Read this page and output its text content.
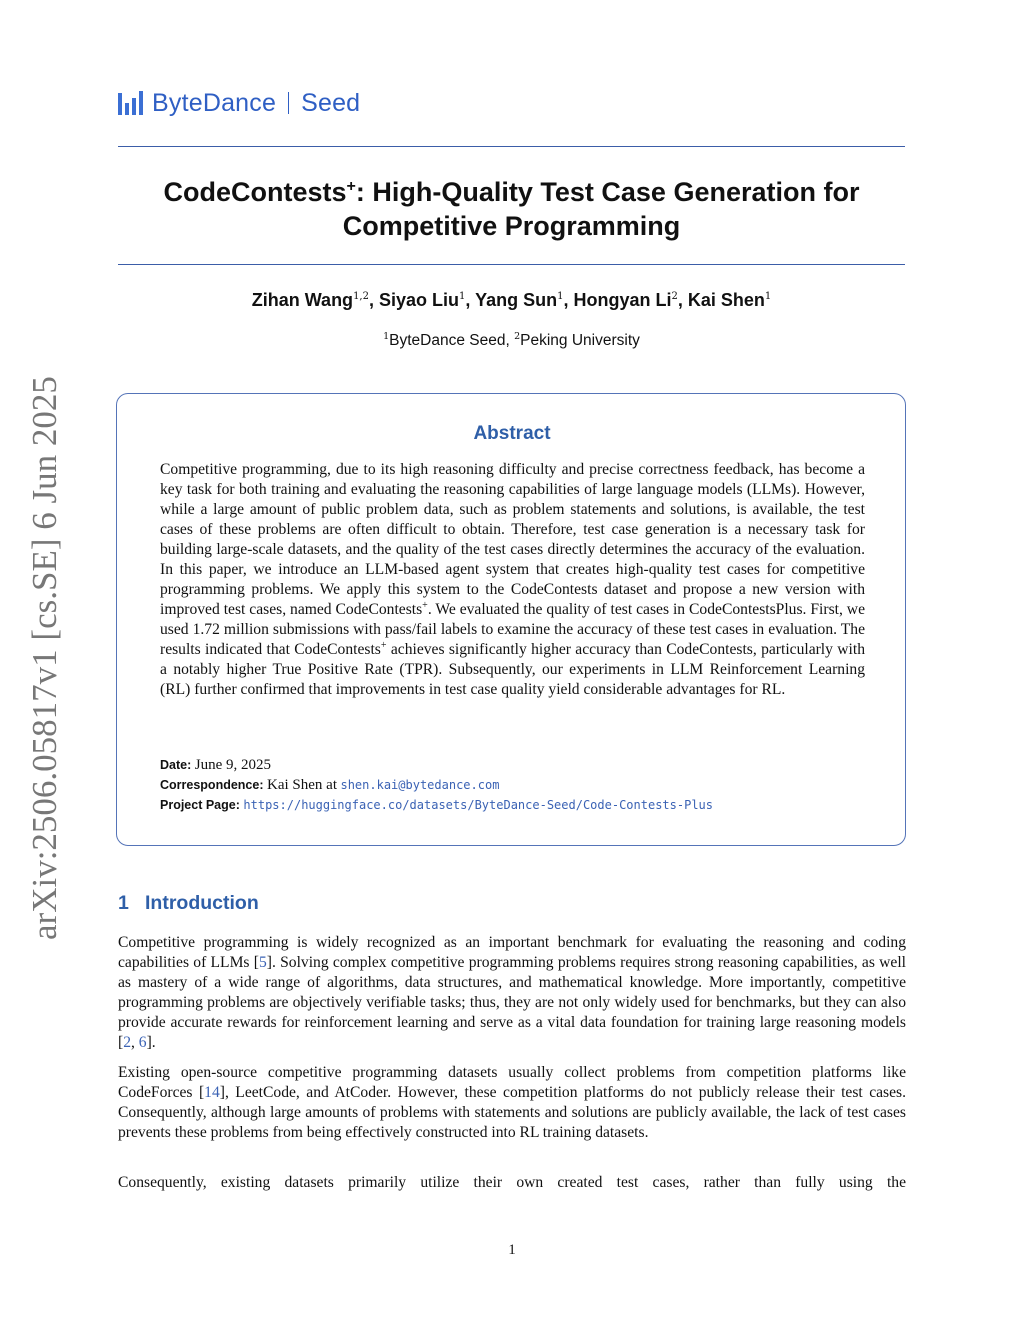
ByteDance Seed
CodeContests+: High-Quality Test Case Generation for
Competitive Programming
Zihan Wang$^{1,2}$, Siyao Liu$^1$, Yang Sun$^1$, Hongyan Li$^2$, Kai Shen$^1$
$^1$ByteDance Seed, $^2$Peking University
arXiv:2506.05817v1 [cs.SE] 6 Jun 2025	Abstract
Competitive programming, due to its high reasoning difficulty and precise correctness feedback, has become a key task for both training and evaluating the reasoning capabilities of large language models (LLMs). However, while a large amount of public problem data, such as problem statements and solutions, is available, the test cases of these problems are often difficult to obtain. Therefore, test case generation is a necessary task for building large-scale datasets, and the quality of the test cases directly determines the accuracy of the evaluation. In this paper, we introduce an LLM-based agent system that creates high-quality test cases for competitive programming problems. We apply this system to the CodeContests dataset and propose a new version with improved test cases, named CodeContests+. We evaluated the quality of test cases in CodeContestsPlus. First, we used 1.72 million submissions with pass/fail labels to examine the accuracy of these test cases in evaluation. The results indicated that CodeContests+ achieves significantly higher accuracy than CodeContests, particularly with a notably higher True Positive Rate (TPR). Subsequently, our experiments in LLM Reinforcement Learning (RL) further confirmed that improvements in test case quality yield considerable advantages for RL.
Date: June 9, 2025
Correspondence: Kai Shen at shen.kai@bytedance.com
Project Page: https://huggingface.co/datasets/ByteDance-Seed/Code-Contests-Plus
1 Introduction
Competitive programming is widely recognized as an important benchmark for evaluating the reasoning and coding capabilities of LLMs [5]. Solving complex competitive programming problems requires strong reasoning capabilities, as well as mastery of a wide range of algorithms, data structures, and mathematical knowledge. More importantly, competitive programming problems are objectively verifiable tasks; thus, they are not only widely used for benchmarks, but they can also provide accurate rewards for reinforcement learning and serve as a vital data foundation for training large reasoning models [2, 6].
Existing open-source competitive programming datasets usually collect problems from competition platforms like CodeForces [14], LeetCode, and AtCoder. However, these competition platforms do not publicly release their test cases. Consequently, although large amounts of problems with statements and solutions are publicly available, the lack of test cases prevents these problems from being effectively constructed into RL training datasets.
Consequently, existing datasets primarily utilize their own created test cases, rather than fully using the
1
